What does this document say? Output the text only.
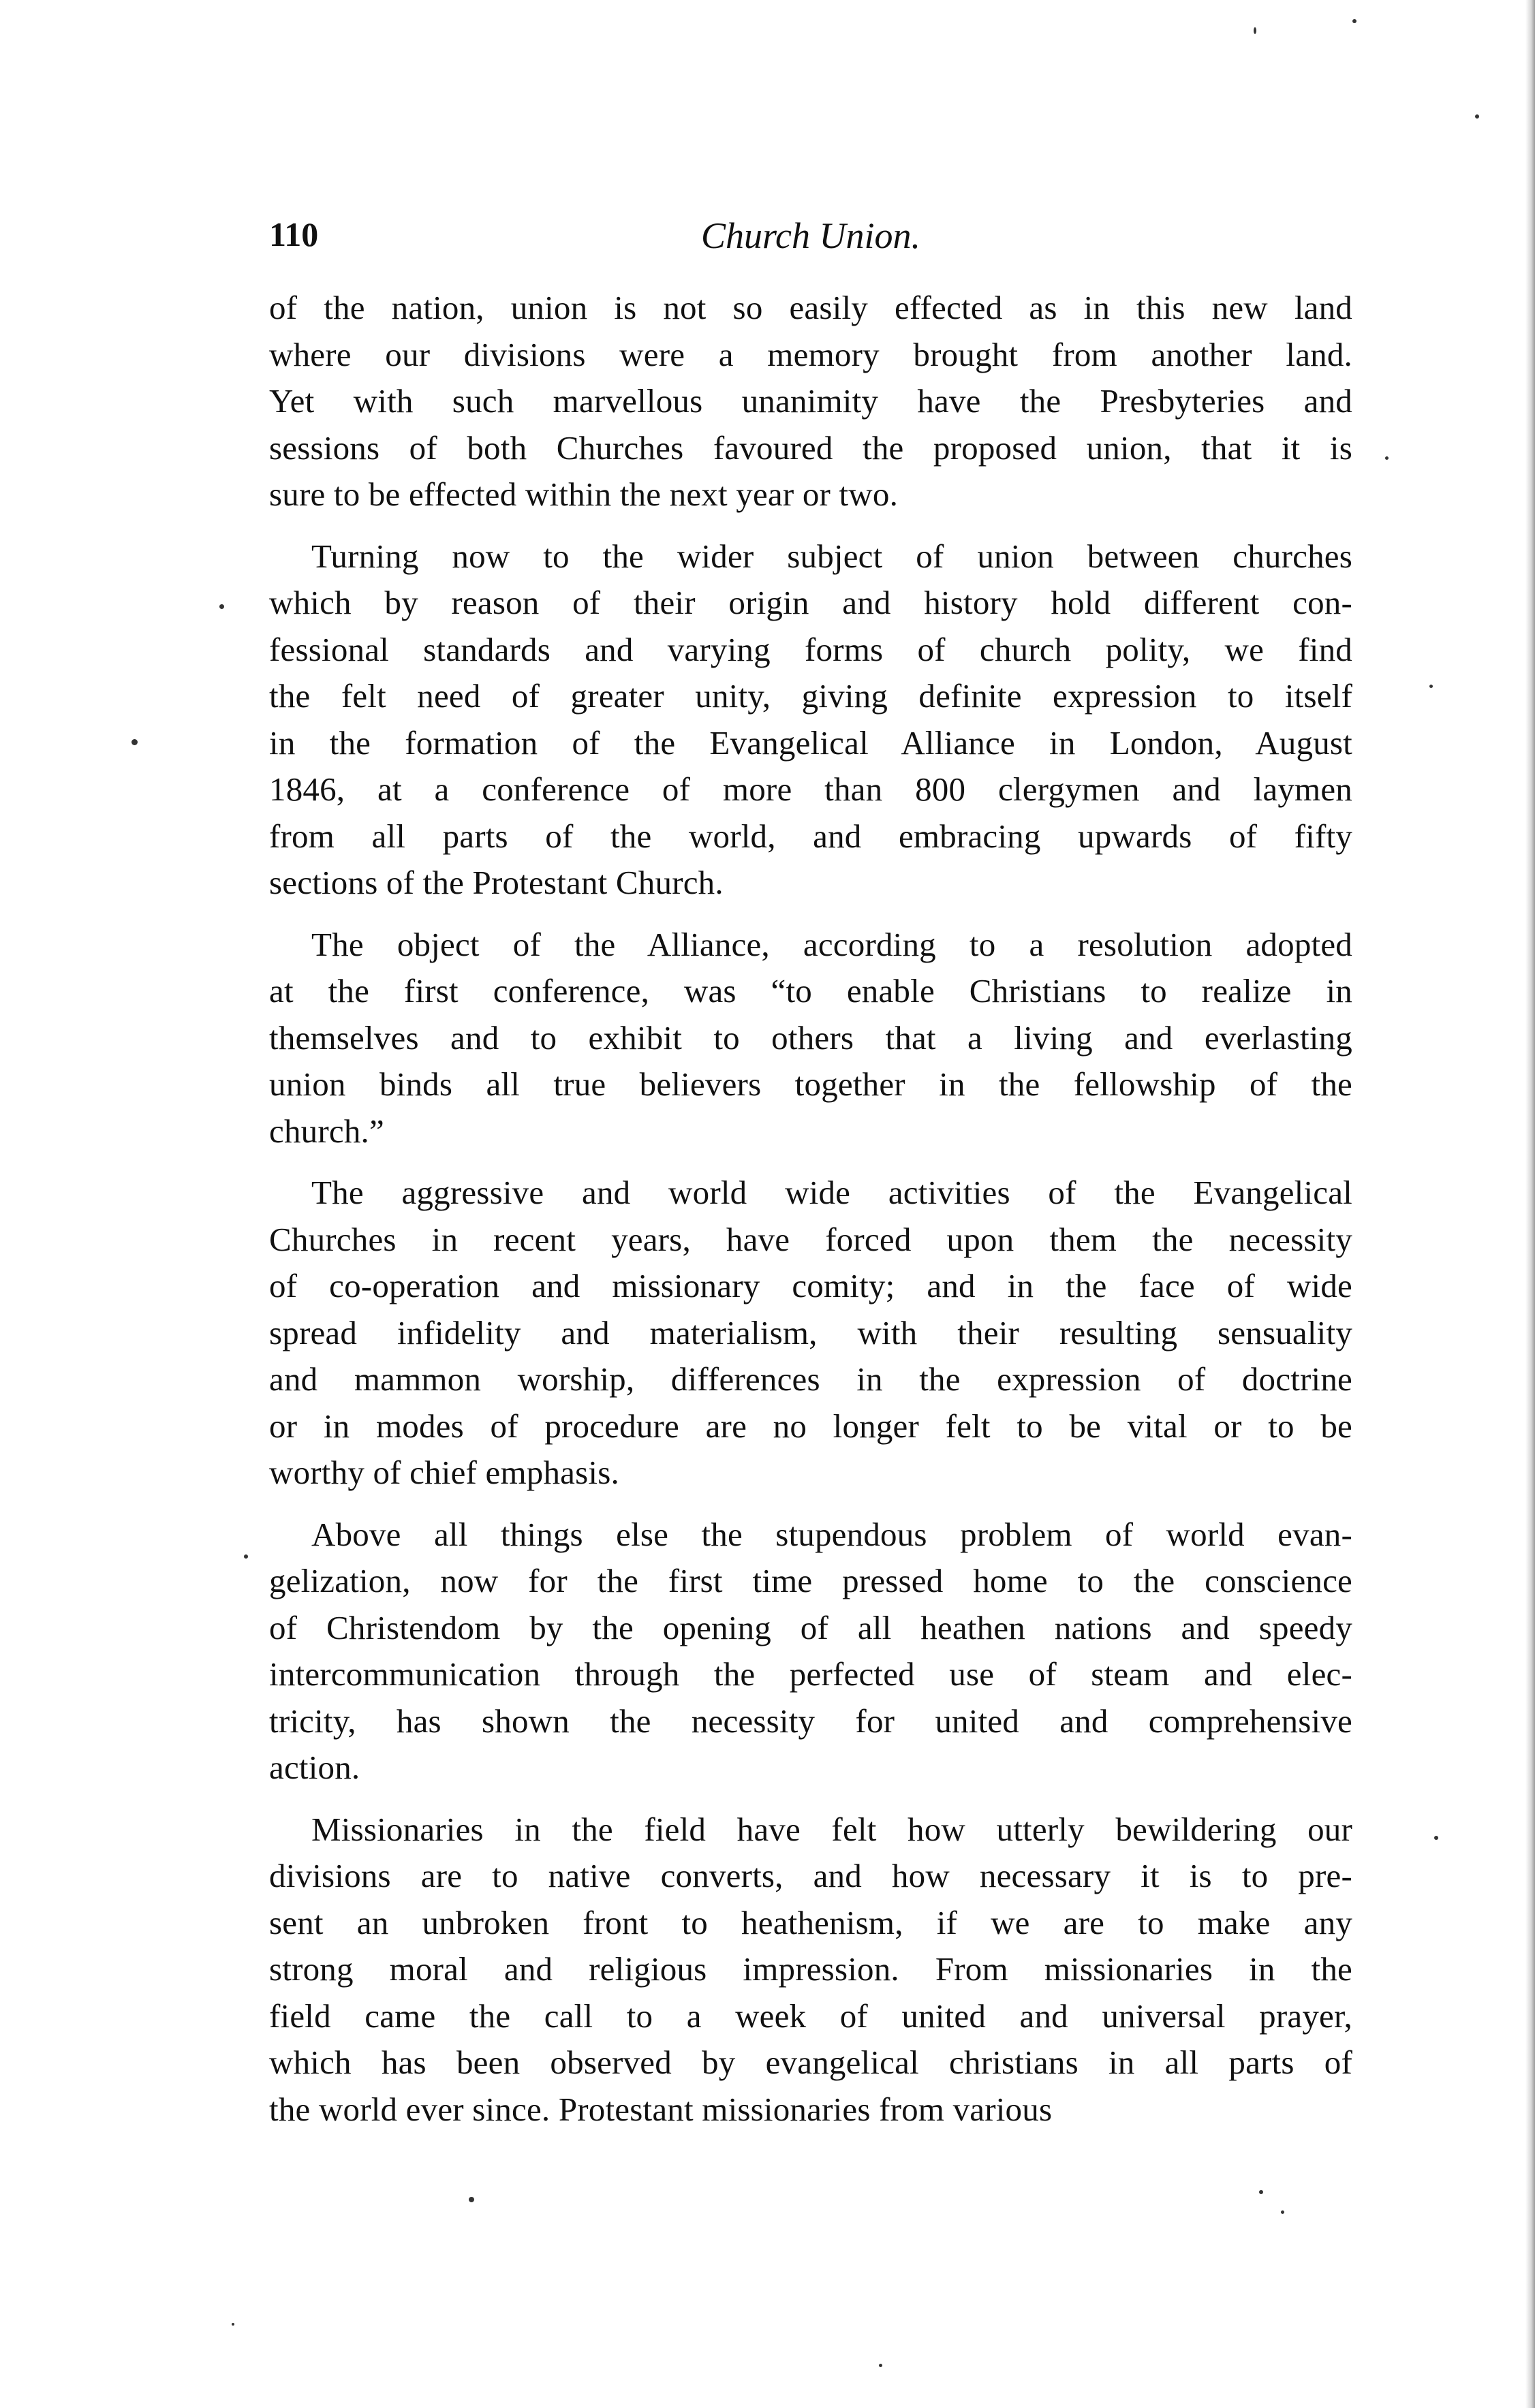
110	Church Union.
of the nation, union is not so easily effected as in this new land
where our divisions were a memory brought from another land.
Yet with such marvellous unanimity have the Presbyteries and
sessions of both Churches favoured the proposed union, that it is
sure to be effected within the next year or two.
Turning now to the wider subject of union between churches
which by reason of their origin and history hold different con-
fessional standards and varying forms of church polity, we find
the felt need of greater unity, giving definite expression to itself
in the formation of the Evangelical Alliance in London, August
1846, at a conference of more than 800 clergymen and laymen
from all parts of the world, and embracing upwards of fifty
sections of the Protestant Church.
The object of the Alliance, according to a resolution adopted
at the first conference, was “to enable Christians to realize in
themselves and to exhibit to others that a living and everlasting
union binds all true believers together in the fellowship of the
church.”
The aggressive and world wide activities of the Evangelical
Churches in recent years, have forced upon them the necessity
of co-operation and missionary comity; and in the face of wide
spread infidelity and materialism, with their resulting sensuality
and mammon worship, differences in the expression of doctrine
or in modes of procedure are no longer felt to be vital or to be
worthy of chief emphasis.
Above all things else the stupendous problem of world evan-
gelization, now for the first time pressed home to the conscience
of Christendom by the opening of all heathen nations and speedy
intercommunication through the perfected use of steam and elec-
tricity, has shown the necessity for united and comprehensive
action.
Missionaries in the field have felt how utterly bewildering our
divisions are to native converts, and how necessary it is to pre-
sent an unbroken front to heathenism, if we are to make any
strong moral and religious impression. From missionaries in the
field came the call to a week of united and universal prayer,
which has been observed by evangelical christians in all parts of
the world ever since. Protestant missionaries from various
